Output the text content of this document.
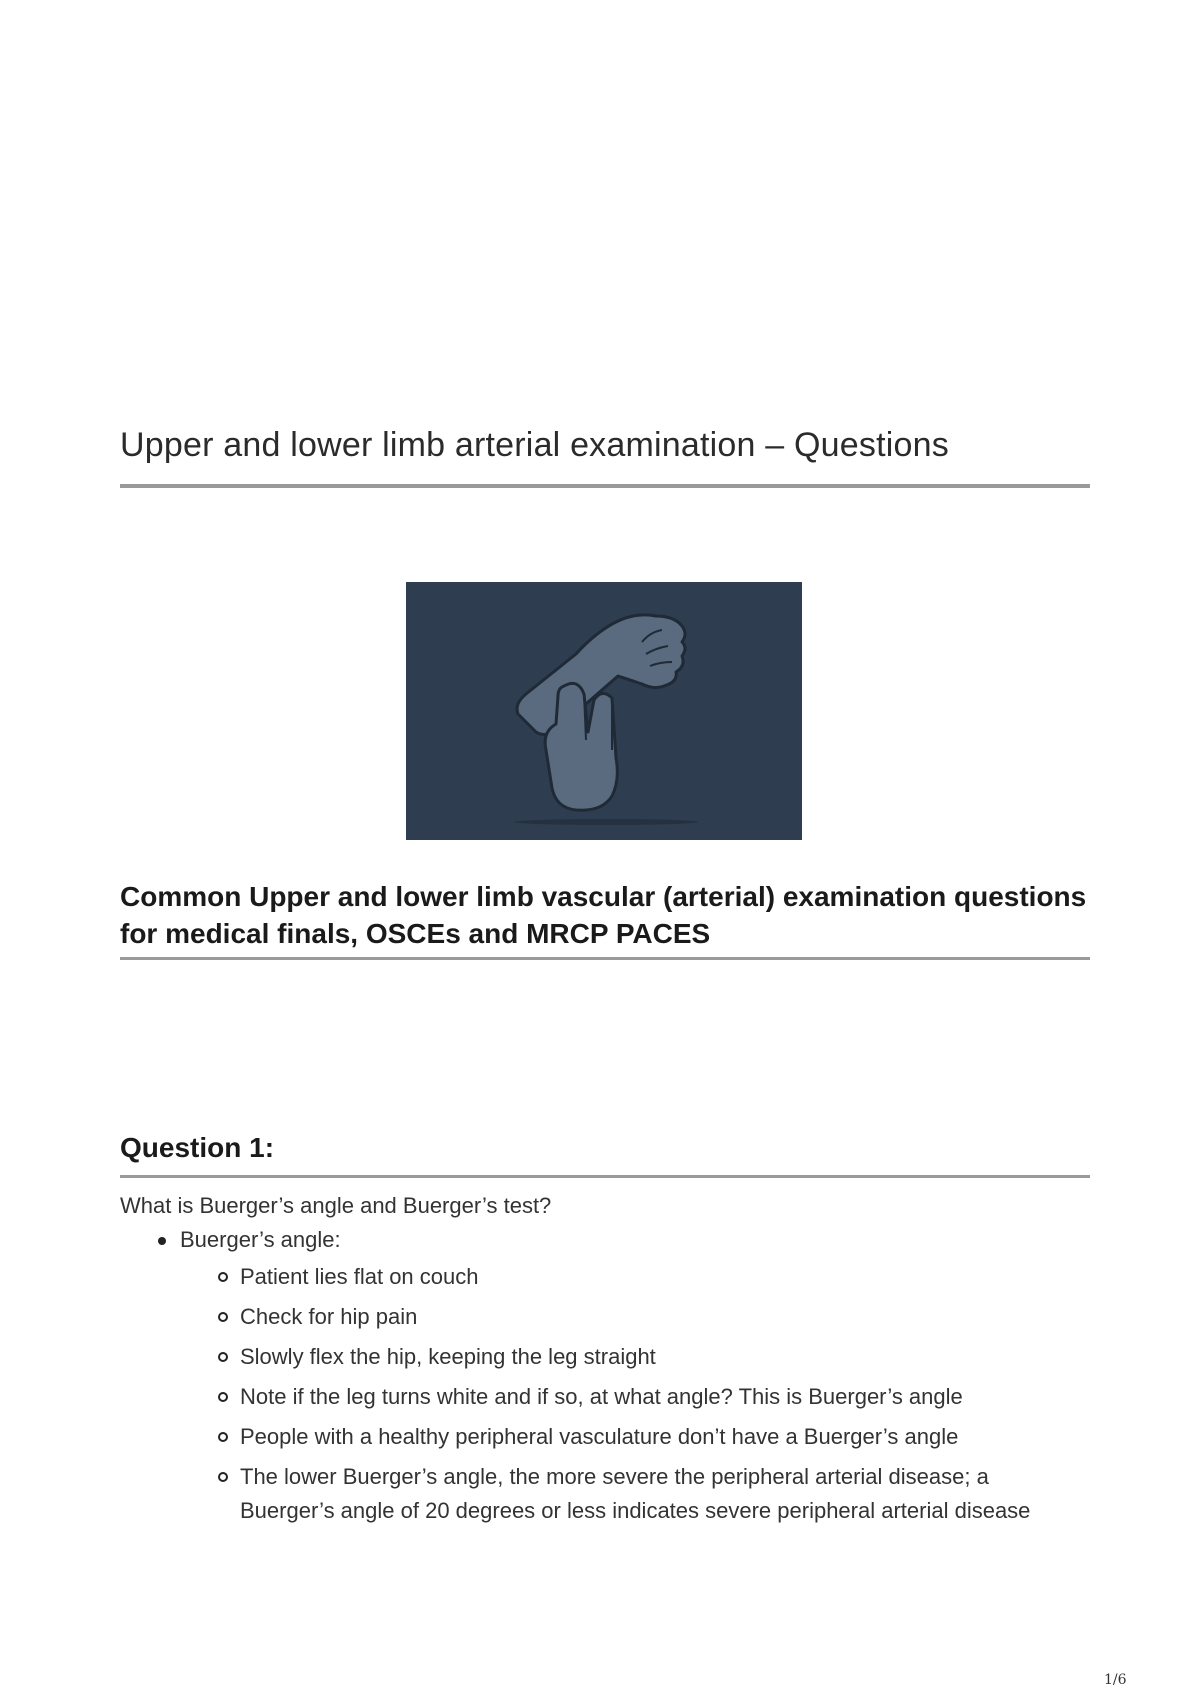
Upper and lower limb arterial examination – Questions
Common Upper and lower limb vascular (arterial) examination questions for medical finals, OSCEs and MRCP PACES
Question 1:

What is Buerger’s angle and Buerger’s test?

Buerger’s angle:
Patient lies flat on couch
Check for hip pain
Slowly flex the hip, keeping the leg straight
Note if the leg turns white and if so, at what angle? This is Buerger’s angle
People with a healthy peripheral vasculature don’t have a Buerger’s angle
The lower Buerger’s angle, the more severe the peripheral arterial disease; a Buerger’s angle of 20 degrees or less indicates severe peripheral arterial disease
1/6
